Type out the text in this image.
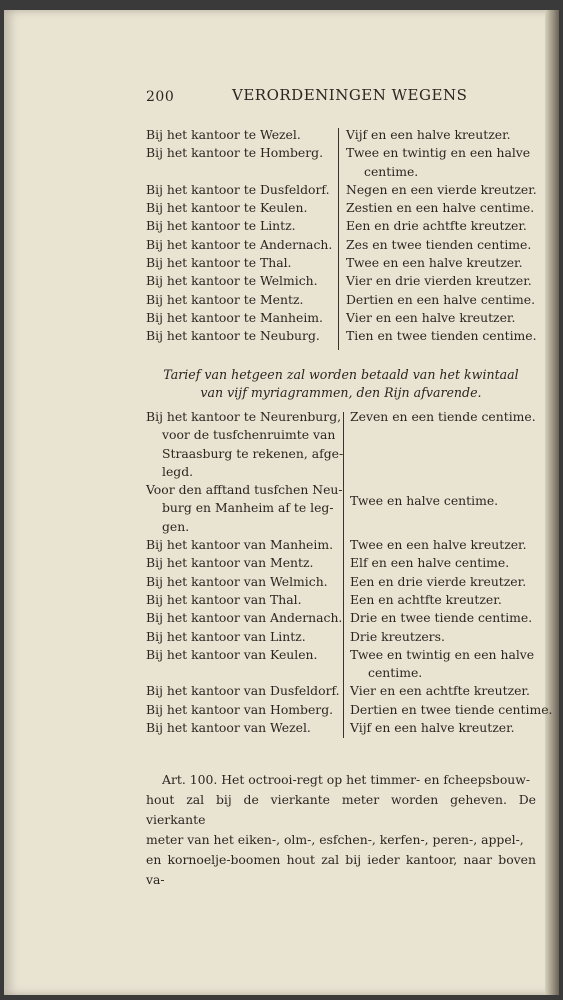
200	VERORDENINGEN WEGENS
Bij het kantoor te Wezel.	Vijf en een halve kreutzer.
Bij het kantoor te Homberg. Twee en twintig en een halve
centime.
Bij het kantoor te Dusfeldorf. Negen en een vierde kreutzer.
Bij het kantoor te Keulen.	Zestien en een halve centime.
Bij het kantoor te Lintz.	Een en drie achtfte kreutzer.
Bij het kantoor te Andernach. Zes en twee tienden centime.
Bij het kantoor te Thal.	Twee en een halve kreutzer.
Bij het kantoor te Welmich. Vier en drie vierden kreutzer.
Bij het kantoor te Mentz.	Dertien en een halve centime.
Bij het kantoor te Manheim. Vier en een halve kreutzer.
Bij het kantoor te Neuburg. Tien en twee tienden centime.
Tarief van hetgeen zal worden betaald van het kwintaal
van vijf myriagrammen, den Rijn afvarende.
Bij het kantoor te Neurenburg, Zeven en een tiende centime.
voor de tusfchenruimte van
Straasburg te rekenen, afge-
legd.
Voor den afftand tusfchen Neu-
burg en Manheim af te leg-
gen.
Twee en halve centime.
Bij het kantoor van Manheim. Twee en een halve kreutzer.
Bij het kantoor van Mentz.	Elf en een halve centime.
Bij het kantoor van Welmich. Een en drie vierde kreutzer.
Bij het kantoor van Thal.	Een en achtfte kreutzer.
Bij het kantoor van Andernach. Drie en twee tiende centime.
Bij het kantoor van Lintz.	Drie kreutzers.
Bij het kantoor van Keulen.	Twee en twintig en een halve
centime.
Bij het kantoor van Dusfeldorf. Vier en een achtfte kreutzer.
Bij het kantoor van Homberg. Dertien en twee tiende centime.
Bij het kantoor van Wezel.	Vijf en een halve kreutzer.
Art. 100. Het octrooi-regt op het timmer- en fcheepsbouw-
hout zal bij de vierkante meter worden geheven. De vierkante
meter van het eiken-, olm-, esfchen-, kerfen-, peren-, appel-,
en kornoelje-boomen hout zal bij ieder kantoor, naar boven va-
